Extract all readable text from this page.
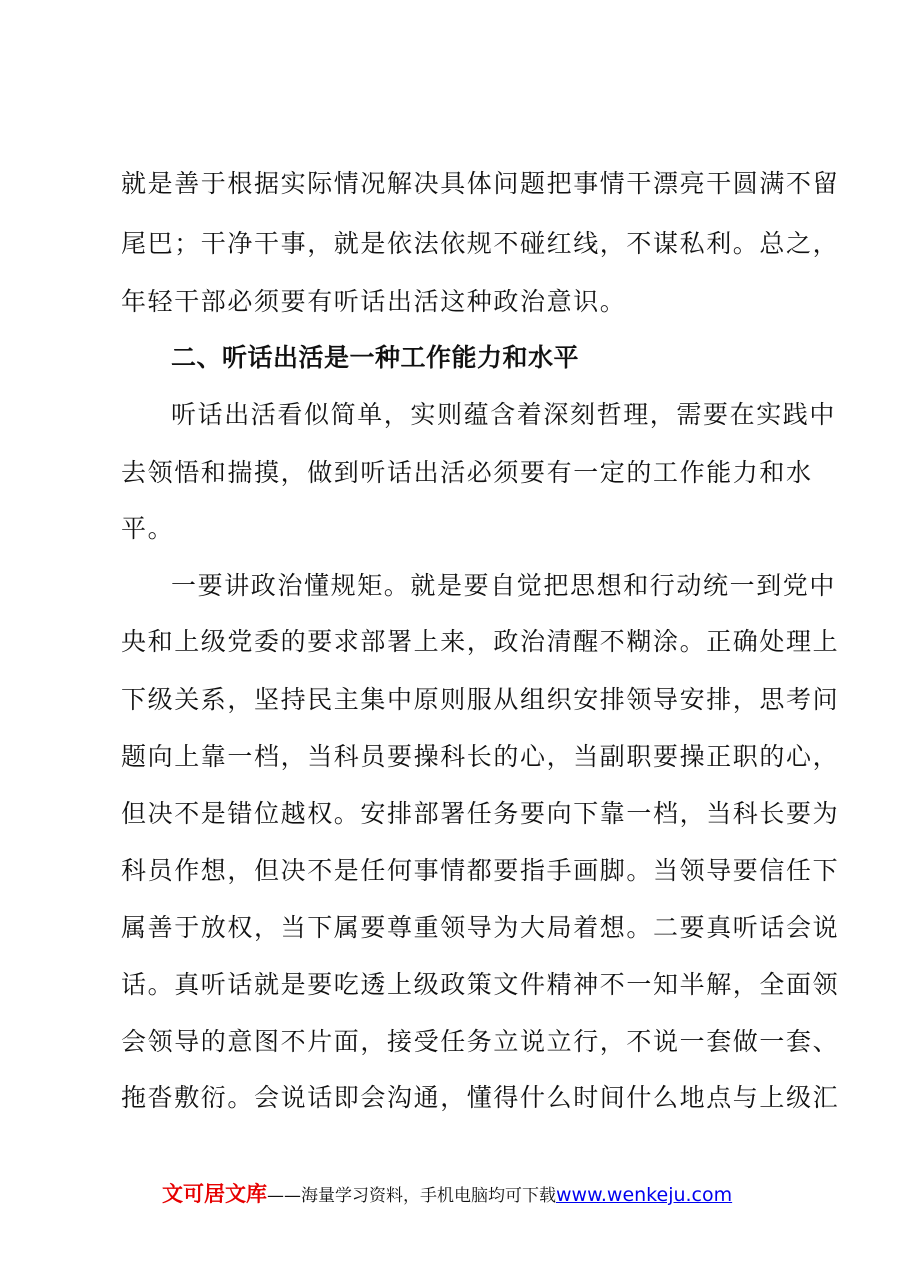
就是善于根据实际情况解决具体问题把事情干漂亮干圆满不留
尾巴；干净干事，就是依法依规不碰红线，不谋私利。总之，
年轻干部必须要有听话出活这种政治意识。
二、听话出活是一种工作能力和水平
听话出活看似简单，实则蕴含着深刻哲理，需要在实践中
去领悟和揣摸，做到听话出活必须要有一定的工作能力和水
平。
一要讲政治懂规矩。就是要自觉把思想和行动统一到党中
央和上级党委的要求部署上来，政治清醒不糊涂。正确处理上
下级关系，坚持民主集中原则服从组织安排领导安排，思考问
题向上靠一档，当科员要操科长的心，当副职要操正职的心，
但决不是错位越权。安排部署任务要向下靠一档，当科长要为
科员作想，但决不是任何事情都要指手画脚。当领导要信任下
属善于放权，当下属要尊重领导为大局着想。二要真听话会说
话。真听话就是要吃透上级政策文件精神不一知半解，全面领
会领导的意图不片面，接受任务立说立行，不说一套做一套、
拖沓敷衍。会说话即会沟通，懂得什么时间什么地点与上级汇
文可居文库——海量学习资料，手机电脑均可下载www.wenkeju.com
